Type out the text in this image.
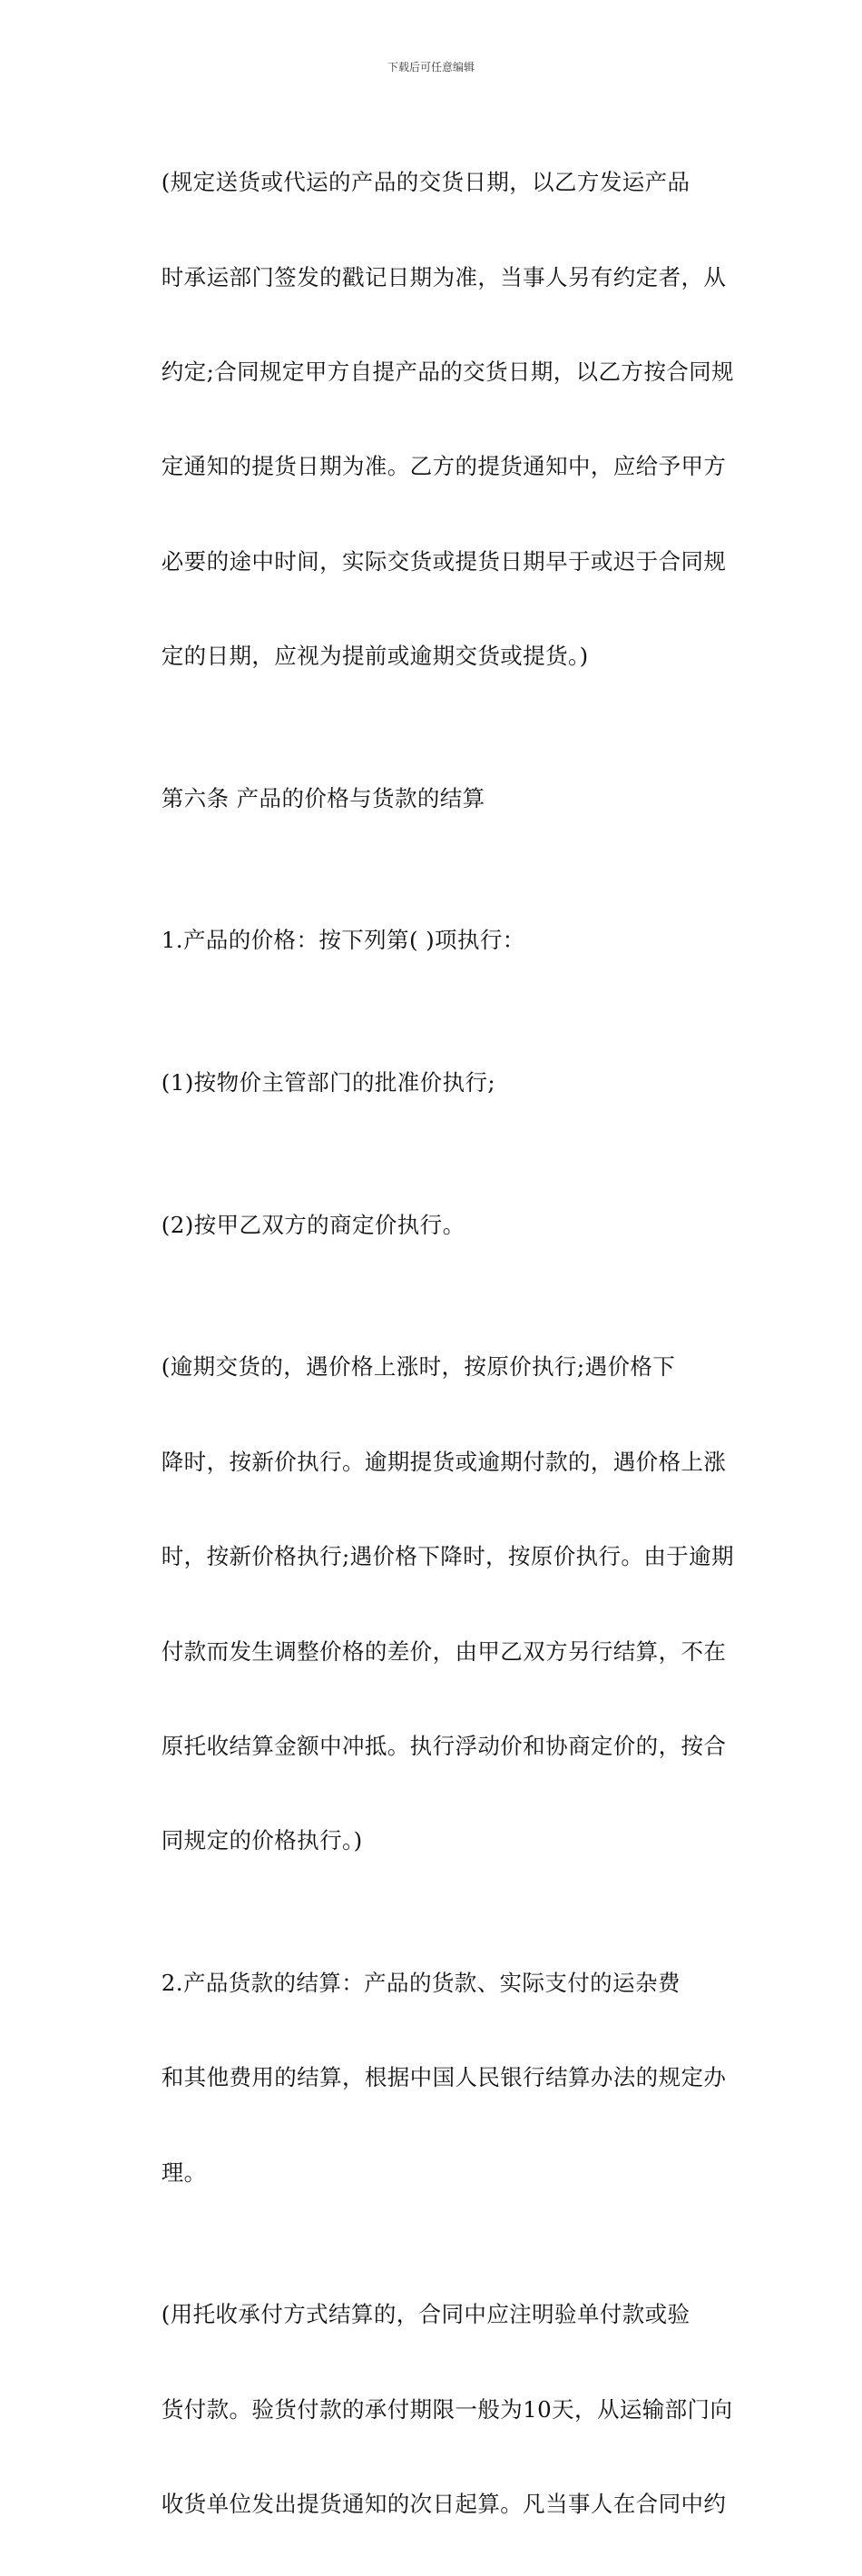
下载后可任意编辑

(规定送货或代运的产品的交货日期，以乙方发运产品

时承运部门签发的戳记日期为准，当事人另有约定者，从

约定;合同规定甲方自提产品的交货日期，以乙方按合同规

定通知的提货日期为准。乙方的提货通知中，应给予甲方

必要的途中时间，实际交货或提货日期早于或迟于合同规

定的日期，应视为提前或逾期交货或提货。)

第六条 产品的价格与货款的结算

1.产品的价格：按下列第( )项执行：

(1)按物价主管部门的批准价执行;

(2)按甲乙双方的商定价执行。

(逾期交货的，遇价格上涨时，按原价执行;遇价格下

降时，按新价执行。逾期提货或逾期付款的，遇价格上涨

时，按新价格执行;遇价格下降时，按原价执行。由于逾期

付款而发生调整价格的差价，由甲乙双方另行结算，不在

原托收结算金额中冲抵。执行浮动价和协商定价的，按合

同规定的价格执行。)

2.产品货款的结算：产品的货款、实际支付的运杂费

和其他费用的结算，根据中国人民银行结算办法的规定办

理。

(用托收承付方式结算的，合同中应注明验单付款或验

货付款。验货付款的承付期限一般为10天，从运输部门向

收货单位发出提货通知的次日起算。凡当事人在合同中约
